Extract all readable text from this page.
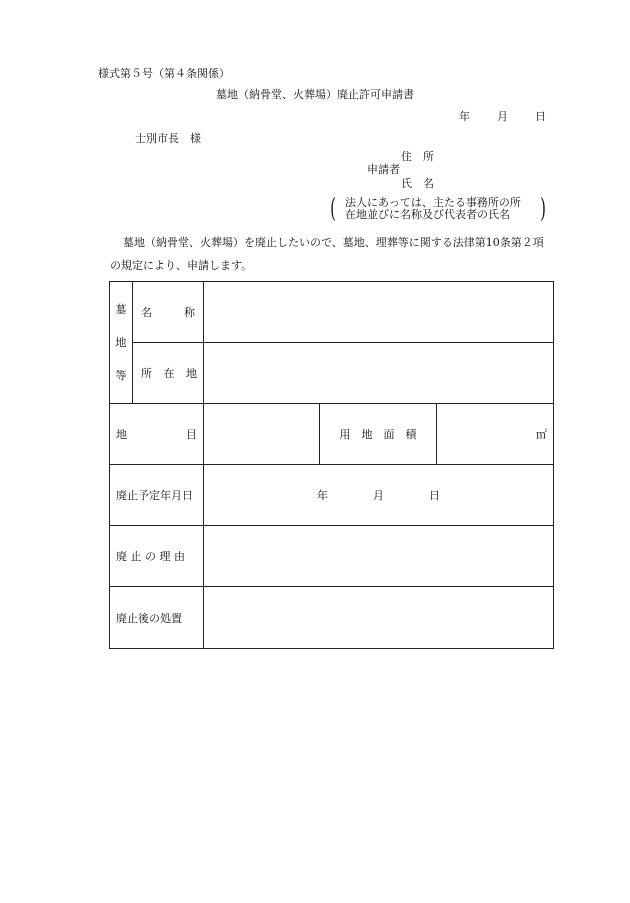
様式第５号（第４条関係）
墓地（納骨堂、火葬場）廃止許可申請書
年 月 日
士別市長　様
住　所
申請者
氏　名
( 法人にあっては、主たる事務所の所
在地並びに名称及び代表者の氏名	)
墓地（納骨堂、火葬場）を廃止したいので、墓地、埋葬等に関する法律第10条第２項
の規定により、申請します。
墓
地
等	名 称			

	所 在 地			

地 目			用　地　面　積	㎡
廃止予定年月日		年 月 日		
廃 止 の 理 由				
廃止後の処置				
